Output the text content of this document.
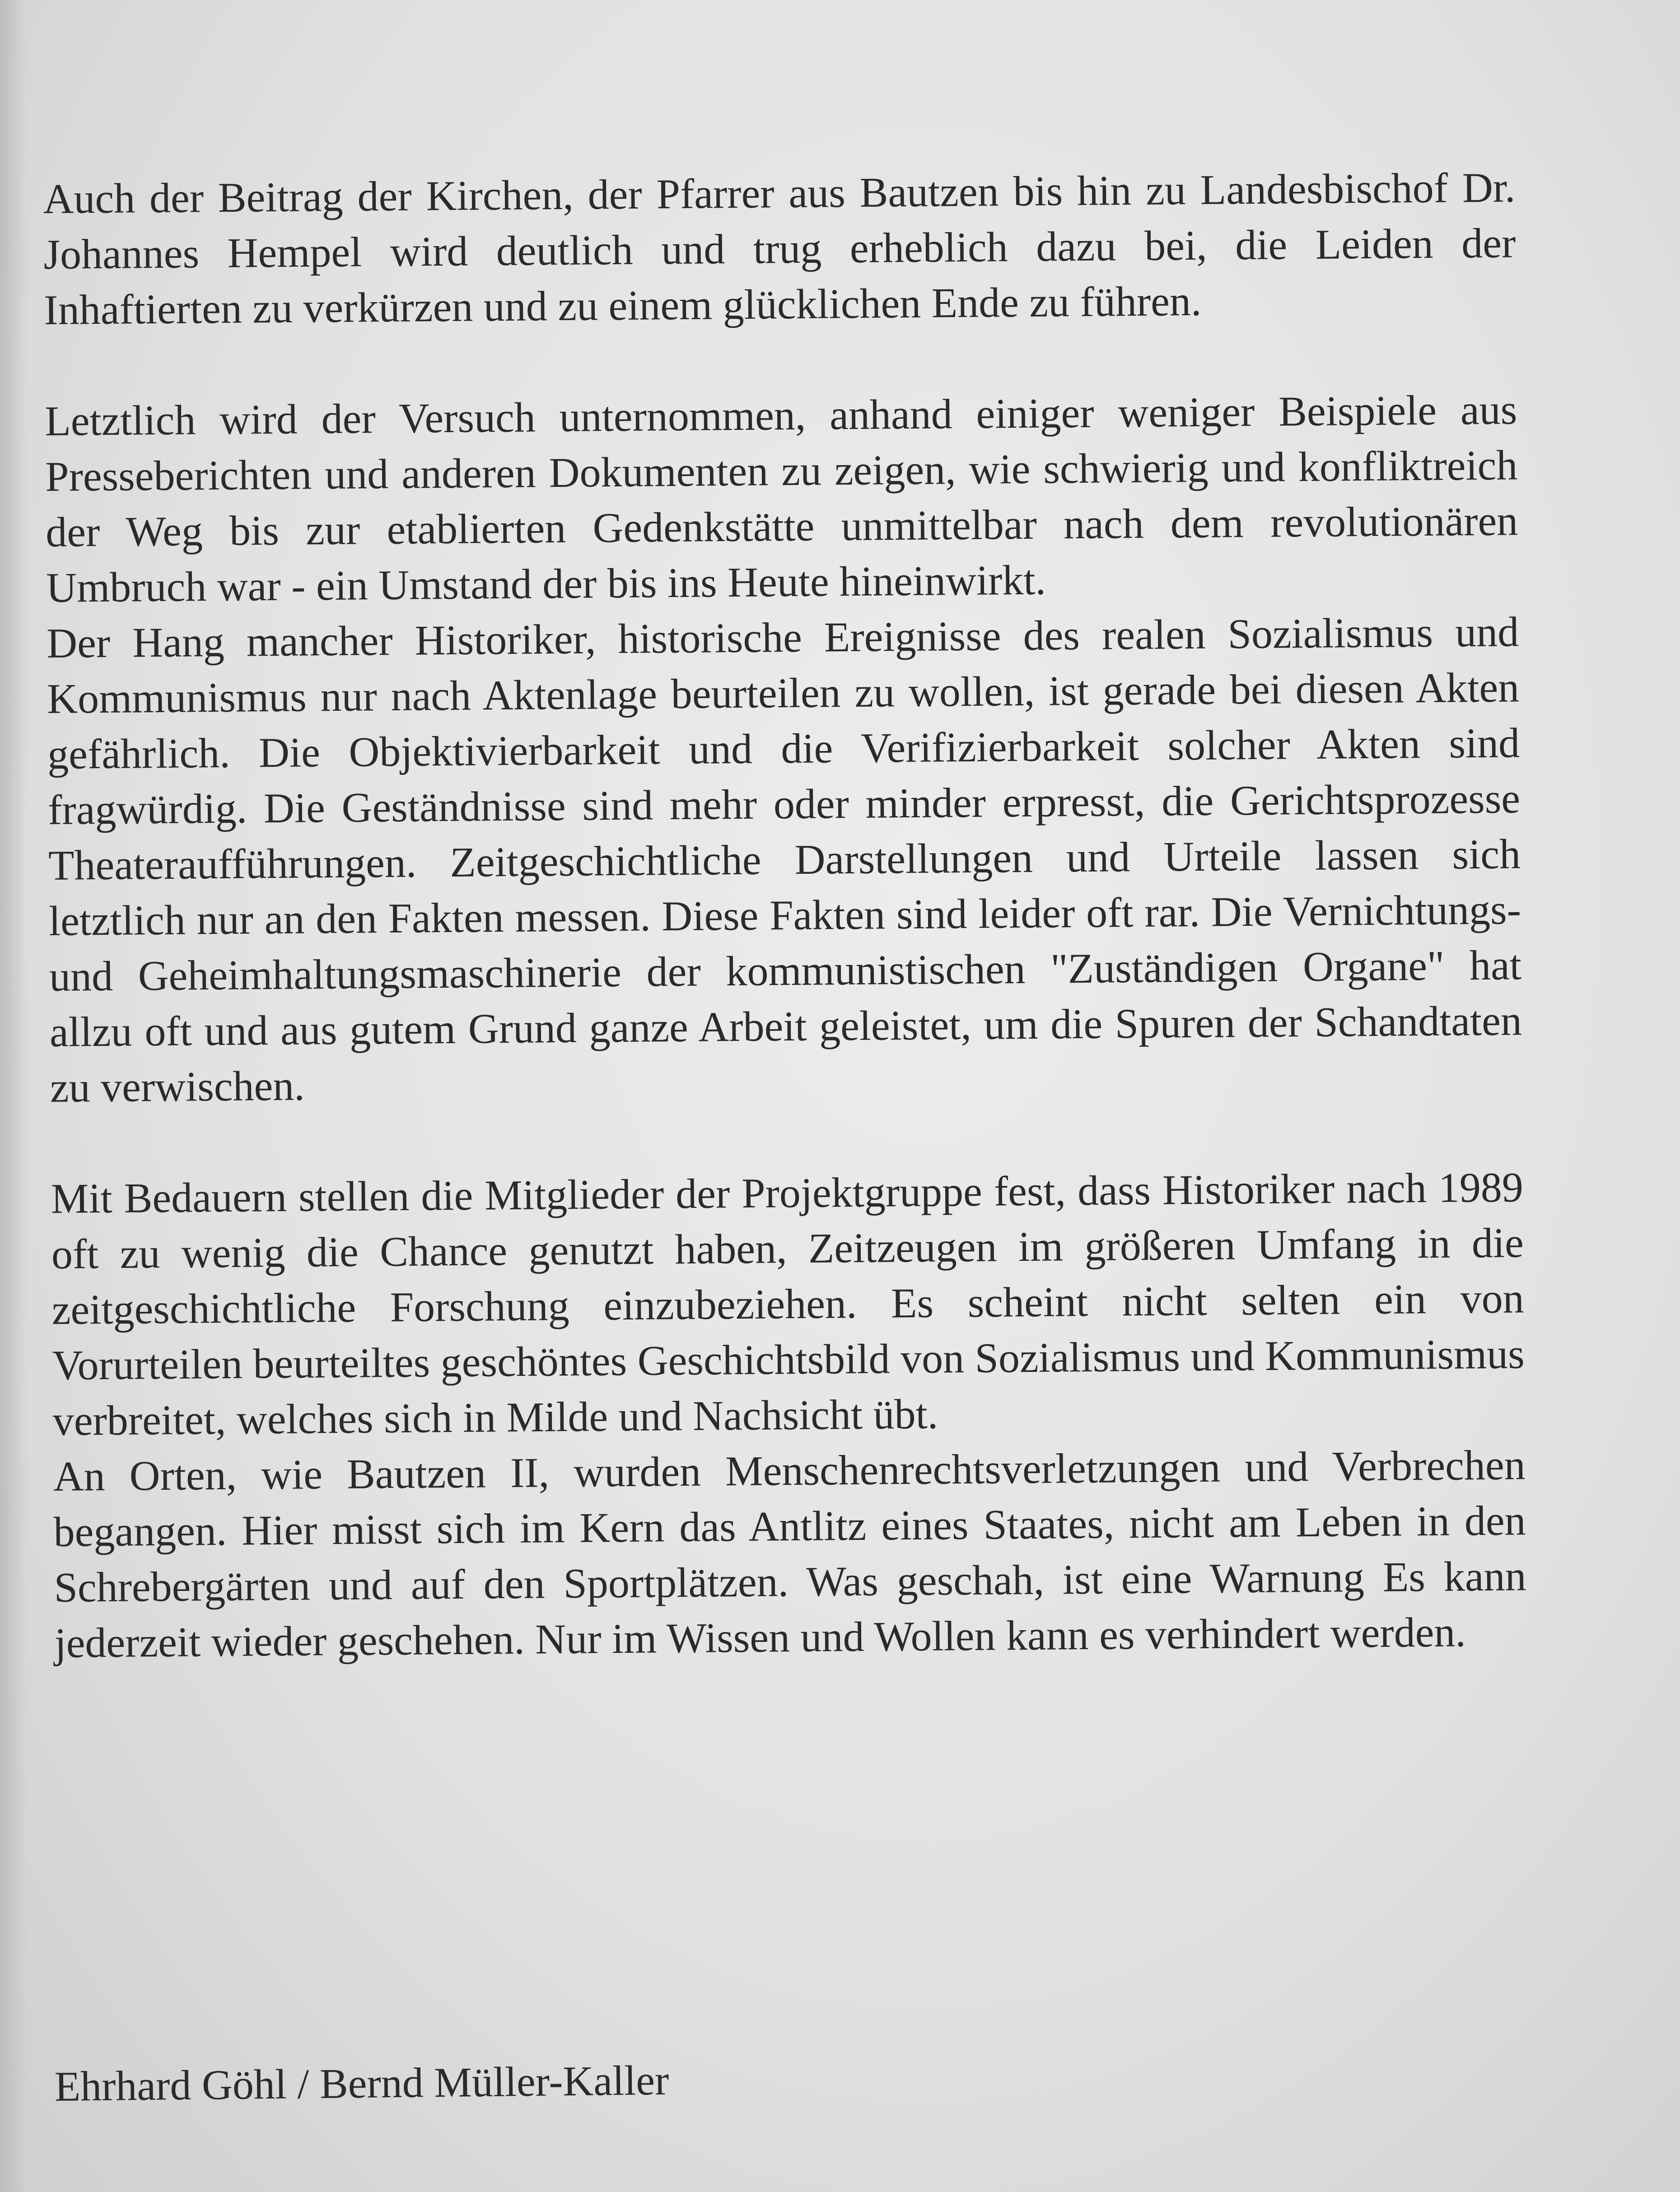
Auch der Beitrag der Kirchen, der Pfarrer aus Bautzen bis hin zu Landesbischof Dr. Johannes Hempel wird deutlich und trug erheblich dazu bei, die Leiden der Inhaftierten zu verkürzen und zu einem glücklichen Ende zu führen.

Letztlich wird der Versuch unternommen, anhand einiger weniger Beispiele aus Presseberichten und anderen Dokumenten zu zeigen, wie schwierig und konfliktreich der Weg bis zur etablierten Gedenkstätte unmittelbar nach dem revolutionären Umbruch war - ein Umstand der bis ins Heute hineinwirkt.

Der Hang mancher Historiker, historische Ereignisse des realen Sozialismus und Kommunismus nur nach Aktenlage beurteilen zu wollen, ist gerade bei diesen Akten gefährlich. Die Objektivierbarkeit und die Verifizierbarkeit solcher Akten sind fragwürdig. Die Geständnisse sind mehr oder minder erpresst, die Gerichtsprozesse Theateraufführungen. Zeitgeschichtliche Darstellungen und Urteile lassen sich letztlich nur an den Fakten messen. Diese Fakten sind leider oft rar. Die Vernichtungs- und Geheimhaltungsmaschinerie der kommunistischen "Zuständigen Organe" hat allzu oft und aus gutem Grund ganze Arbeit geleistet, um die Spuren der Schandtaten zu verwischen.

Mit Bedauern stellen die Mitglieder der Projektgruppe fest, dass Historiker nach 1989 oft zu wenig die Chance genutzt haben, Zeitzeugen im größeren Umfang in die zeitgeschichtliche Forschung einzubeziehen. Es scheint nicht selten ein von Vorurteilen beurteiltes geschöntes Geschichtsbild von Sozialismus und Kommunismus verbreitet, welches sich in Milde und Nachsicht übt.

An Orten, wie Bautzen II, wurden Menschenrechtsverletzungen und Verbrechen begangen. Hier misst sich im Kern das Antlitz eines Staates, nicht am Leben in den Schrebergärten und auf den Sportplätzen. Was geschah, ist eine Warnung Es kann jederzeit wieder geschehen. Nur im Wissen und Wollen kann es verhindert werden.

Ehrhard Göhl / Bernd Müller-Kaller
